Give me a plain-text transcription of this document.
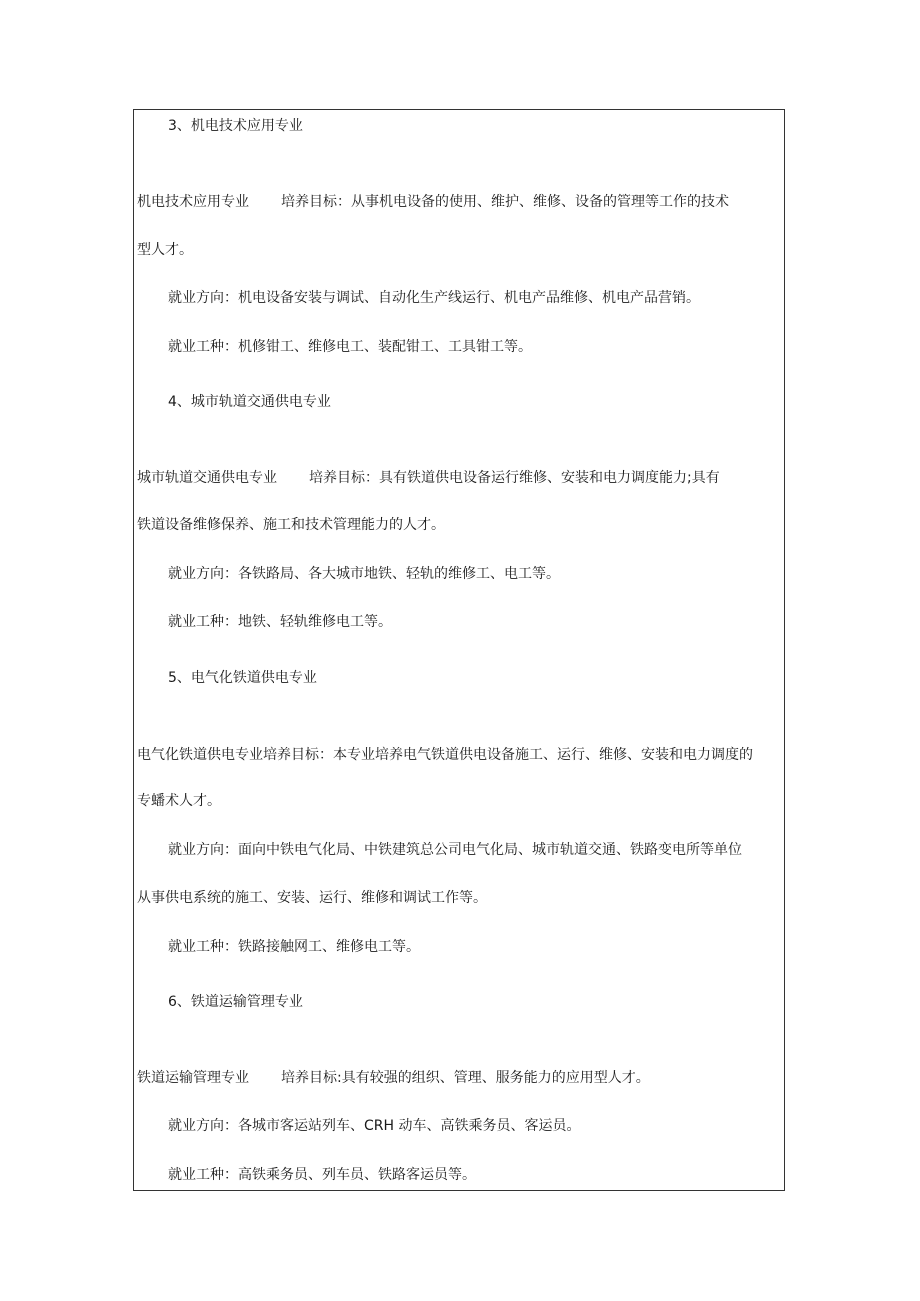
3、机电技术应用专业
机电技术应用专业 培养目标：从事机电设备的使用、维护、维修、设备的管理等工作的技术
型人才。
就业方向：机电设备安装与调试、自动化生产线运行、机电产品维修、机电产品营销。
就业工种：机修钳工、维修电工、装配钳工、工具钳工等。
4、城市轨道交通供电专业
城市轨道交通供电专业 培养目标：具有铁道供电设备运行维修、安装和电力调度能力;具有
铁道设备维修保养、施工和技术管理能力的人才。
就业方向：各铁路局、各大城市地铁、轻轨的维修工、电工等。
就业工种：地铁、轻轨维修电工等。
5、电气化铁道供电专业
电气化铁道供电专业培养目标：本专业培养电气铁道供电设备施工、运行、维修、安装和电力调度的
专蟠术人才。
就业方向：面向中铁电气化局、中铁建筑总公司电气化局、城市轨道交通、铁路变电所等单位
从事供电系统的施工、安装、运行、维修和调试工作等。
就业工种：铁路接触网工、维修电工等。
6、铁道运输管理专业
铁道运输管理专业 培养目标:具有较强的组织、管理、服务能力的应用型人才。
就业方向：各城市客运站列车、CRH 动车、高铁乘务员、客运员。
就业工种：高铁乘务员、列车员、铁路客运员等。
